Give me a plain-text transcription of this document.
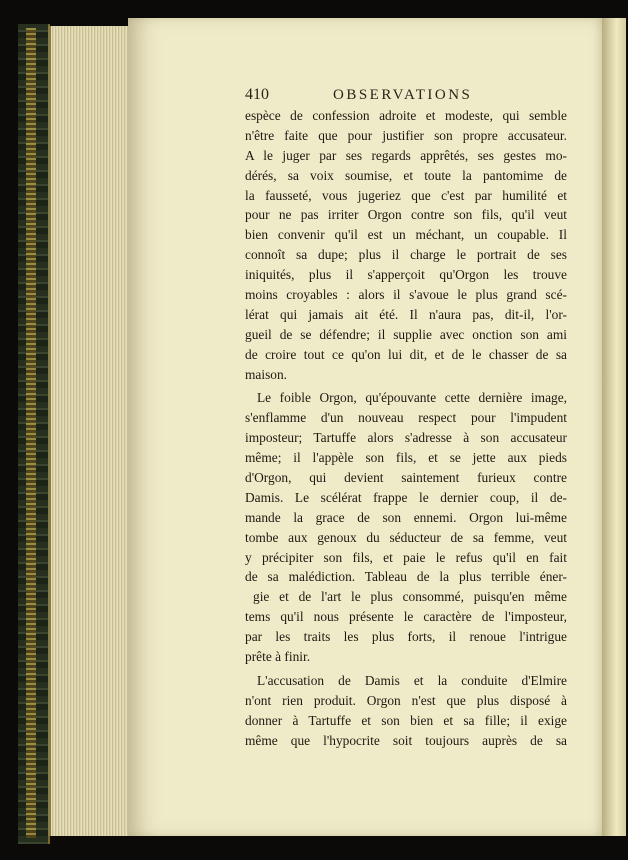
410	OBSERVATIONS
espèce de confession adroite et modeste, qui semble
n'être faite que pour justifier son propre accusateur.
A le juger par ses regards apprêtés, ses gestes mo-
dérés, sa voix soumise, et toute la pantomime de
la fausseté, vous jugeriez que c'est par humilité et
pour ne pas irriter Orgon contre son fils, qu'il veut
bien convenir qu'il est un méchant, un coupable. Il
connoît sa dupe; plus il charge le portrait de ses
iniquités, plus il s'apperçoit qu'Orgon les trouve
moins croyables : alors il s'avoue le plus grand scé-
lérat qui jamais ait été. Il n'aura pas, dit-il, l'or-
gueil de se défendre; il supplie avec onction son ami
de croire tout ce qu'on lui dit, et de le chasser de sa
maison.
Le foible Orgon, qu'épouvante cette dernière image,
s'enflamme d'un nouveau respect pour l'impudent
imposteur; Tartuffe alors s'adresse à son accusateur
même; il l'appèle son fils, et se jette aux pieds
d'Orgon, qui devient saintement furieux contre
Damis. Le scélérat frappe le dernier coup, il de-
mande la grace de son ennemi. Orgon lui-même
tombe aux genoux du séducteur de sa femme, veut
y précipiter son fils, et paie le refus qu'il en fait
de sa malédiction. Tableau de la plus terrible éner-
gie et de l'art le plus consommé, puisqu'en même
tems qu'il nous présente le caractère de l'imposteur,
par les traits les plus forts, il renoue l'intrigue
prête à finir.
L'accusation de Damis et la conduite d'Elmire
n'ont rien produit. Orgon n'est que plus disposé à
donner à Tartuffe et son bien et sa fille; il exige
même que l'hypocrite soit toujours auprès de sa
